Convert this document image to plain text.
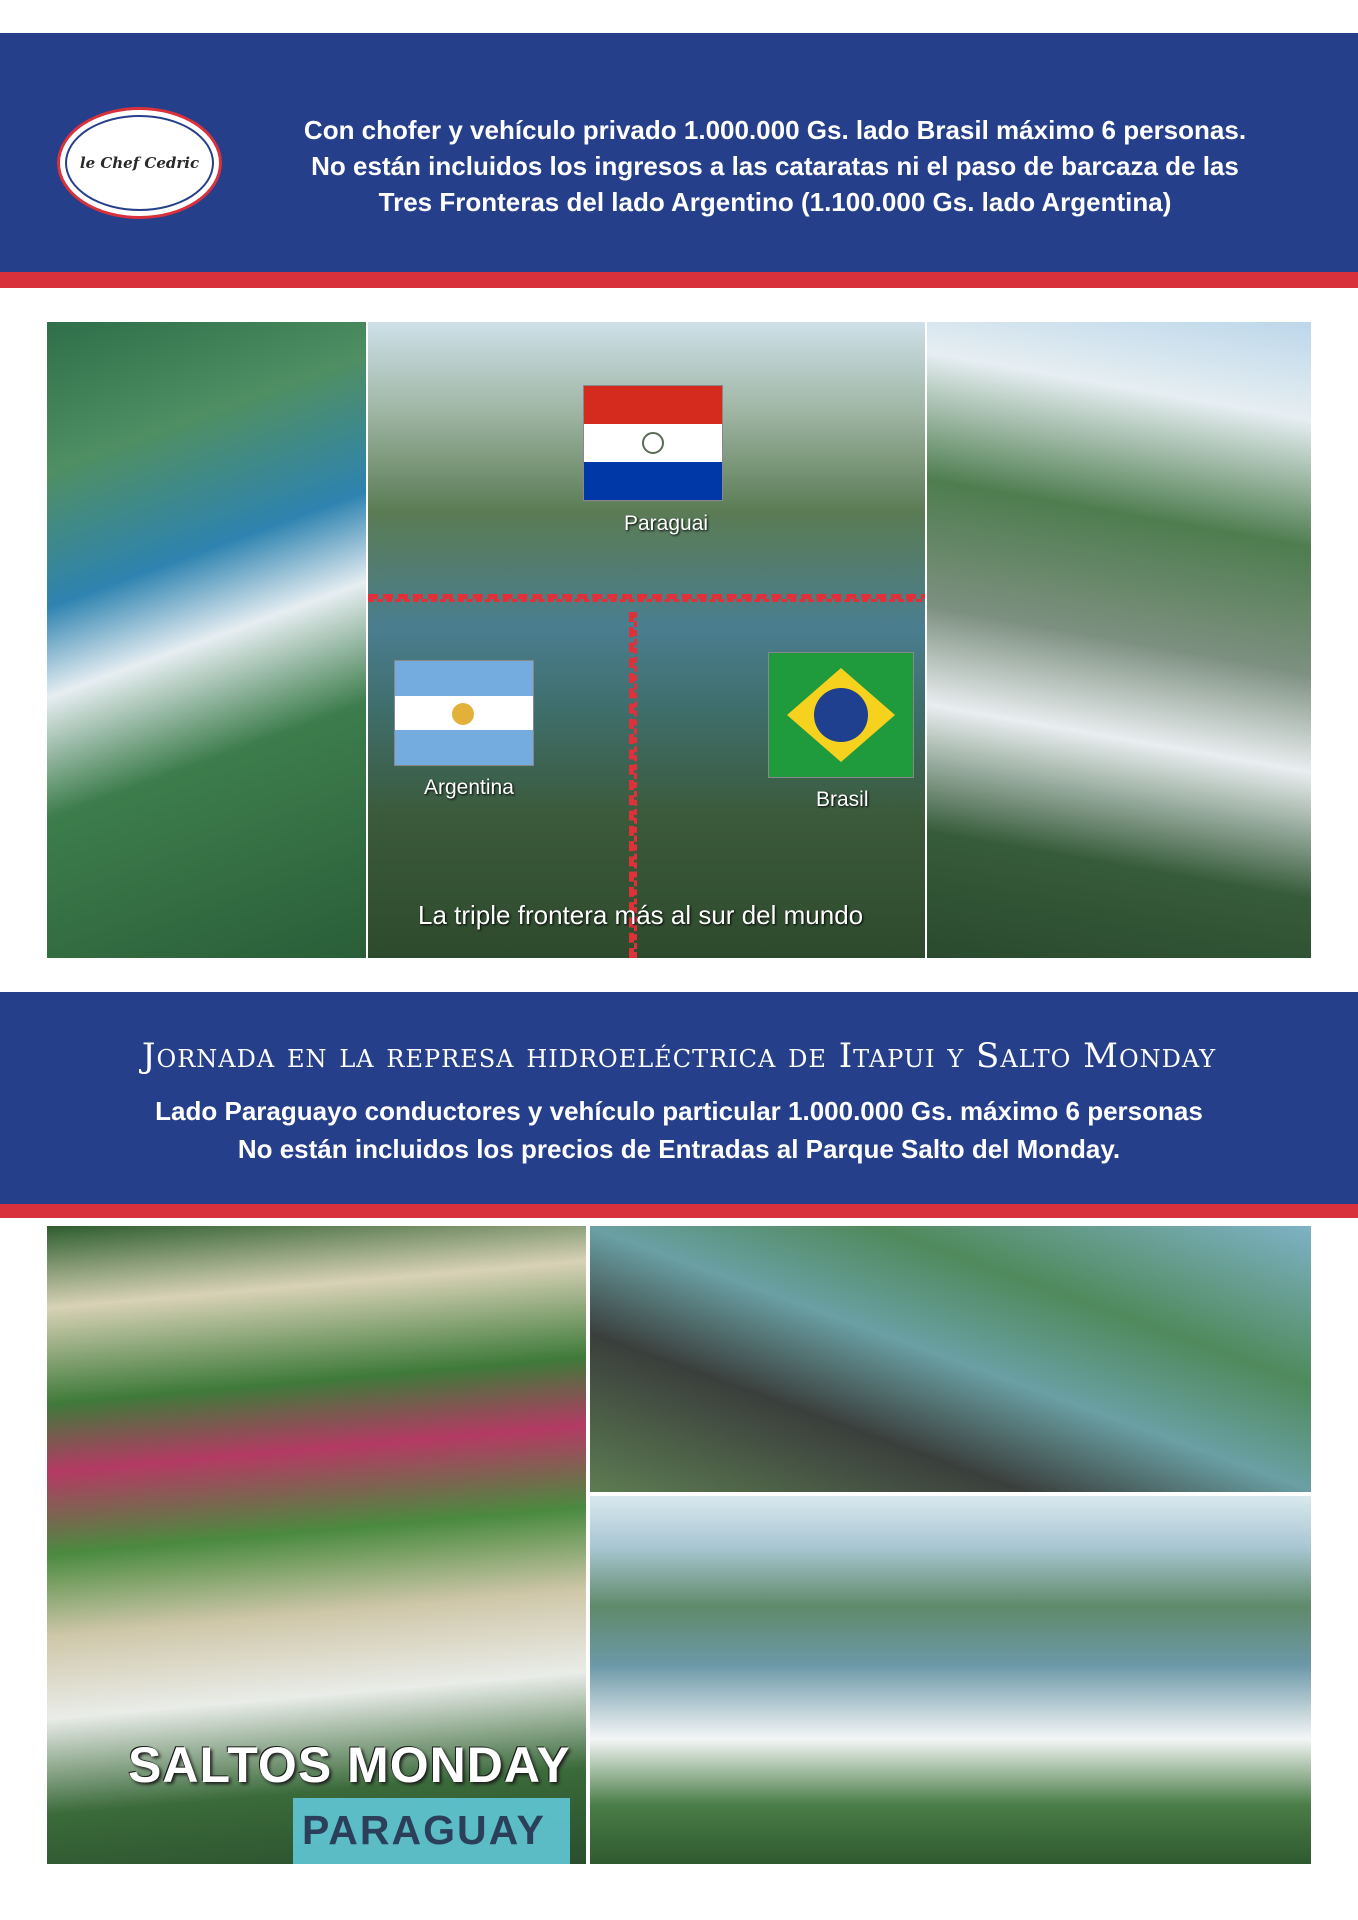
le Chef Cedric
Con chofer y vehículo privado 1.000.000 Gs. lado Brasil máximo 6 personas.
No están incluidos los ingresos a las cataratas ni el paso de barcaza de las
Tres Fronteras del lado Argentino (1.100.000 Gs. lado Argentina)
La triple frontera más al sur del mundo
Paraguai
Argentina
Brasil
Jornada en la represa hidroeléctrica de Itapui y Salto Monday
Lado Paraguayo conductores y vehículo particular 1.000.000 Gs. máximo 6 personas
No están incluidos los precios de Entradas al Parque Salto del Monday.
SALTOS MONDAY
PARAGUAY
